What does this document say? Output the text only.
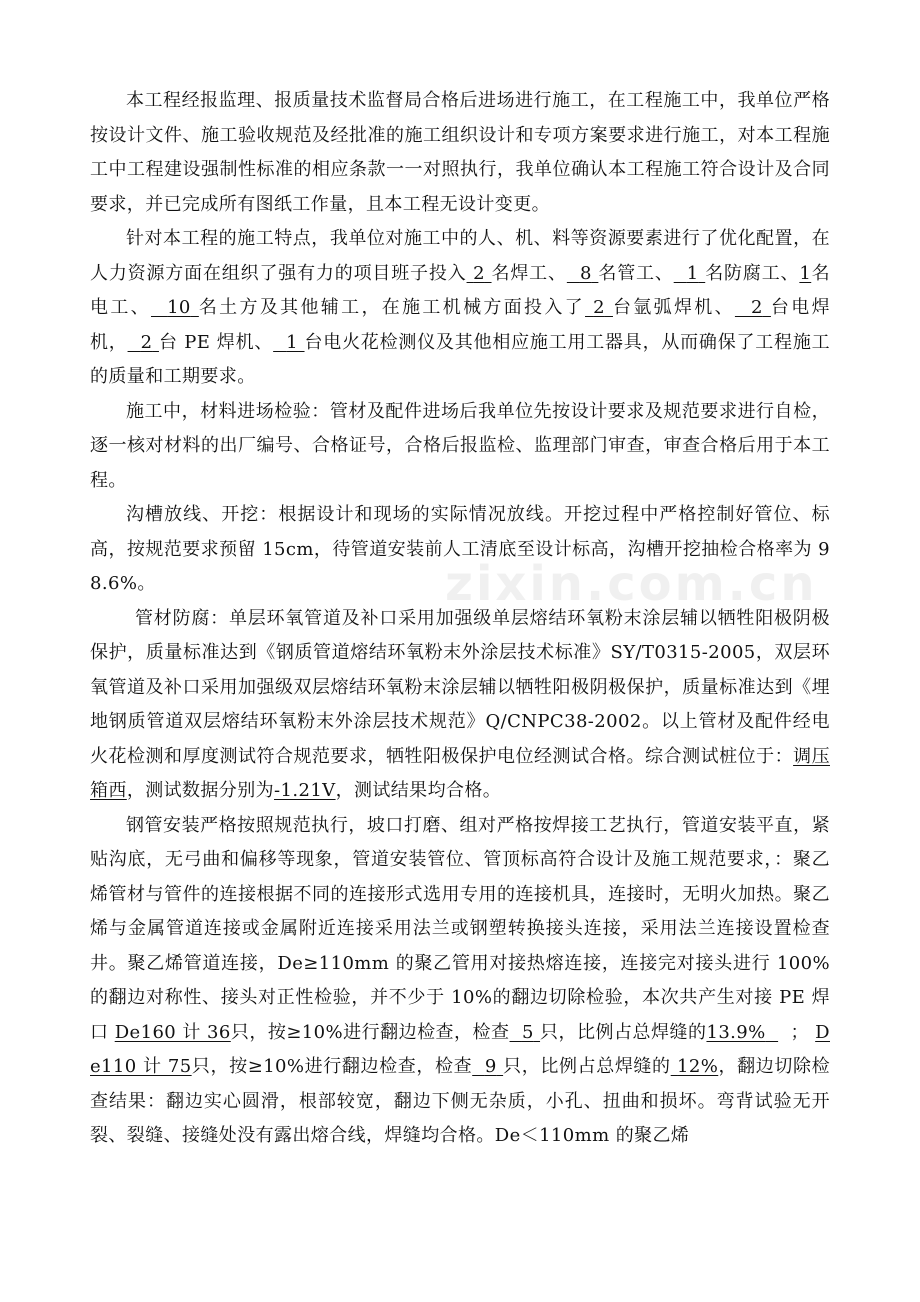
本工程经报监理、报质量技术监督局合格后进场进行施工，在工程施工中，我单位严格按设计文件、施工验收规范及经批准的施工组织设计和专项方案要求进行施工，对本工程施工中工程建设强制性标准的相应条款一一对照执行，我单位确认本工程施工符合设计及合同要求，并已完成所有图纸工作量，且本工程无设计变更。

针对本工程的施工特点，我单位对施工中的人、机、料等资源要素进行了优化配置，在人力资源方面在组织了强有力的项目班子投入 2 名焊工、 8 名管工、 1 名防腐工、1名电工、 10 名土方及其他辅工，在施工机械方面投入了 2 台氩弧焊机、 2 台电焊机， 2 台 PE 焊机、 1 台电火花检测仪及其他相应施工用工器具，从而确保了工程施工的质量和工期要求。

施工中，材料进场检验：管材及配件进场后我单位先按设计要求及规范要求进行自检，逐一核对材料的出厂编号、合格证号，合格后报监检、监理部门审查，审查合格后用于本工程。

沟槽放线、开挖：根据设计和现场的实际情况放线。开挖过程中严格控制好管位、标高，按规范要求预留 15cm，待管道安装前人工清底至设计标高，沟槽开挖抽检合格率为 98.6%。

管材防腐：单层环氧管道及补口采用加强级单层熔结环氧粉末涂层辅以牺牲阳极阴极保护，质量标准达到《钢质管道熔结环氧粉末外涂层技术标准》SY/T0315-2005，双层环氧管道及补口采用加强级双层熔结环氧粉末涂层辅以牺牲阳极阴极保护，质量标准达到《埋地钢质管道双层熔结环氧粉末外涂层技术规范》Q/CNPC38-2002。以上管材及配件经电火花检测和厚度测试符合规范要求，牺牲阳极保护电位经测试合格。综合测试桩位于：调压箱西，测试数据分别为-1.21V，测试结果均合格。

钢管安装严格按照规范执行，坡口打磨、组对严格按焊接工艺执行，管道安装平直，紧贴沟底，无弓曲和偏移等现象，管道安装管位、管顶标高符合设计及施工规范要求，：聚乙烯管材与管件的连接根据不同的连接形式选用专用的连接机具，连接时，无明火加热。聚乙烯与金属管道连接或金属附近连接采用法兰或钢塑转换接头连接，采用法兰连接设置检查井。聚乙烯管道连接，De≥110mm 的聚乙管用对接热熔连接，连接完对接头进行 100%的翻边对称性、接头对正性检验，并不少于 10%的翻边切除检验，本次共产生对接 PE 焊口 De160 计 36只，按≥10%进行翻边检查，检查 5 只，比例占总焊缝的13.9% ； De110 计 75只，按≥10%进行翻边检查，检查 9 只，比例占总焊缝的 12%，翻边切除检查结果：翻边实心圆滑，根部较宽，翻边下侧无杂质，小孔、扭曲和损坏。弯背试验无开裂、裂缝、接缝处没有露出熔合线，焊缝均合格。De＜110mm 的聚乙烯

zixin.com.cn
